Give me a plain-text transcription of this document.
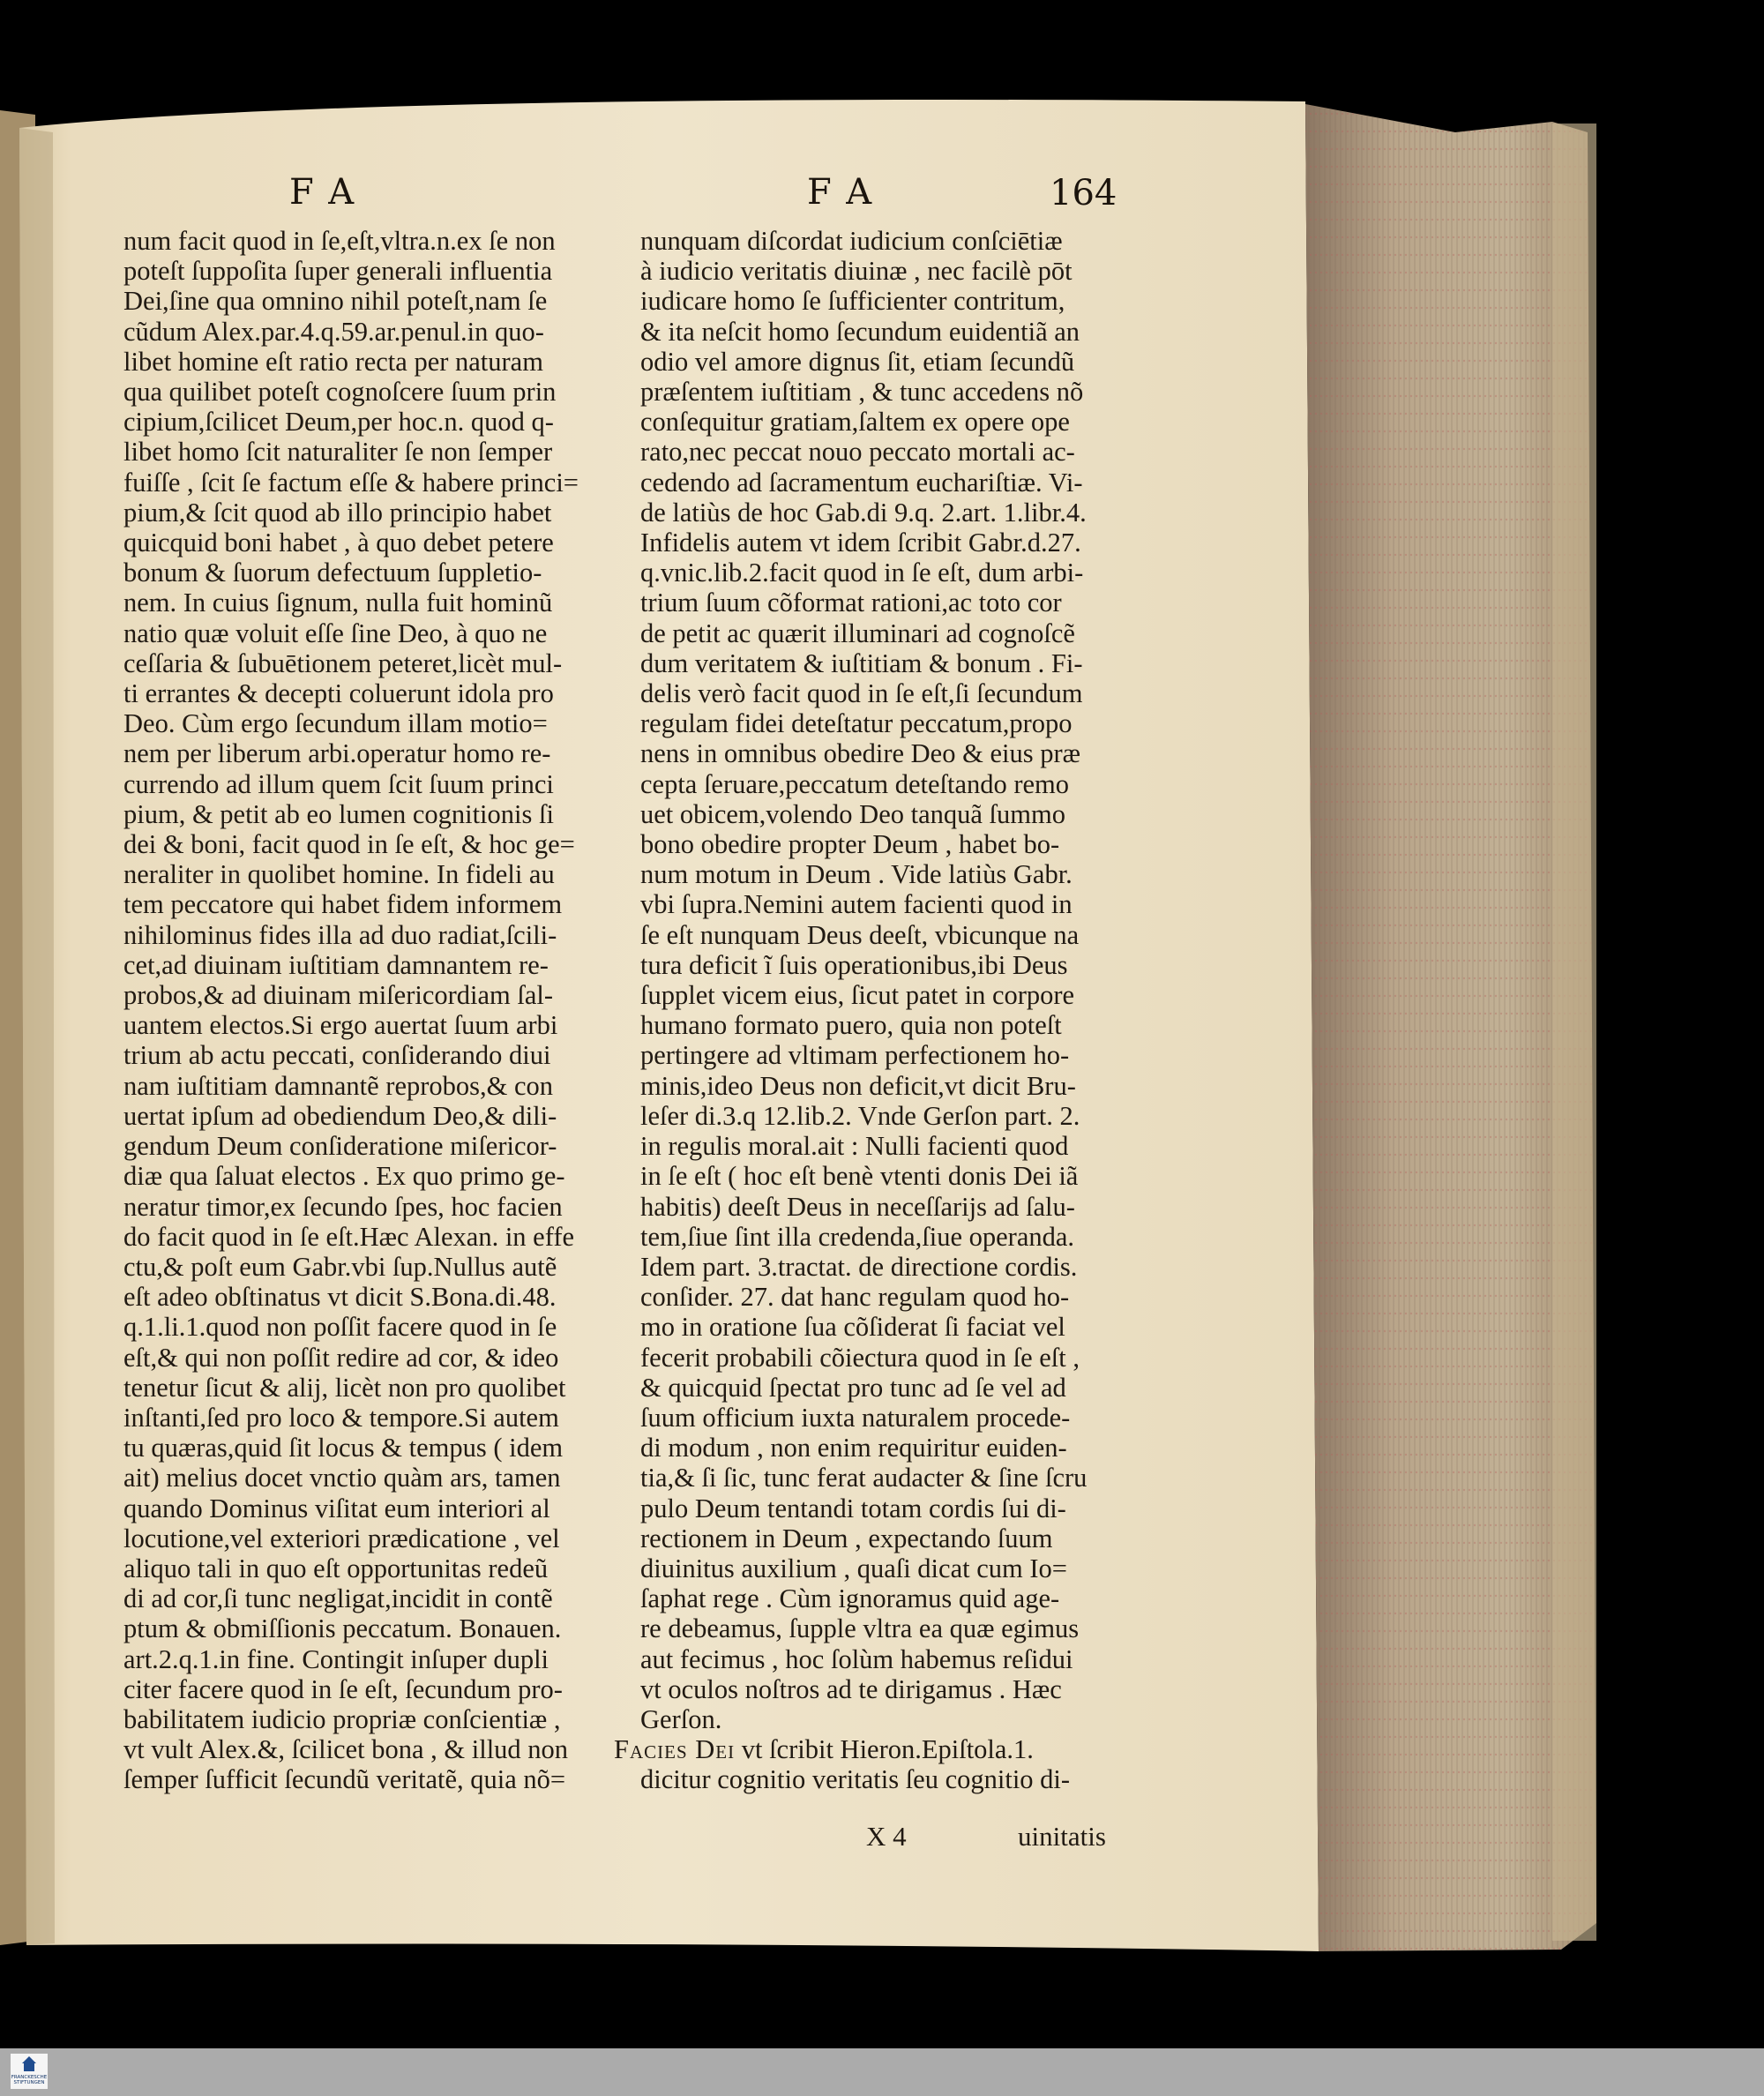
FA	FA	164
num facit quod in ſe,eſt,vltra.n.ex ſe non
poteſt ſuppoſita ſuper generali influentia
Dei,ſine qua omnino nihil poteſt,nam ſe
cũdum Alex.par.4.q.59.ar.penul.in quo-
libet homine eſt ratio recta per naturam
qua quilibet poteſt cognoſcere ſuum prin
cipium,ſcilicet Deum,per hoc.n. quod q-
libet homo ſcit naturaliter ſe non ſemper
fuiſſe , ſcit ſe factum eſſe & habere princi=
pium,& ſcit quod ab illo principio habet
quicquid boni habet , à quo debet petere
bonum & ſuorum defectuum ſuppletio-
nem. In cuius ſignum, nulla fuit hominũ
natio quæ voluit eſſe ſine Deo, à quo ne
ceſſaria & ſubuētionem peteret,licèt mul-
ti errantes & decepti coluerunt idola pro
Deo. Cùm ergo ſecundum illam motio=
nem per liberum arbi.operatur homo re-
currendo ad illum quem ſcit ſuum princi
pium, & petit ab eo lumen cognitionis ſi
dei & boni, facit quod in ſe eſt, & hoc ge=
neraliter in quolibet homine. In fideli au
tem peccatore qui habet fidem informem
nihilominus fides illa ad duo radiat,ſcili-
cet,ad diuinam iuſtitiam damnantem re-
probos,& ad diuinam miſericordiam ſal-
uantem electos.Si ergo auertat ſuum arbi
trium ab actu peccati, conſiderando diui
nam iuſtitiam damnantẽ reprobos,& con
uertat ipſum ad obediendum Deo,& dili-
gendum Deum conſideratione miſericor-
diæ qua ſaluat electos . Ex quo primo ge-
neratur timor,ex ſecundo ſpes, hoc facien
do facit quod in ſe eſt.Hæc Alexan. in effe
ctu,& poſt eum Gabr.vbi ſup.Nullus autẽ
eſt adeo obſtinatus vt dicit S.Bona.di.48.
q.1.li.1.quod non poſſit facere quod in ſe
eſt,& qui non poſſit redire ad cor, & ideo
tenetur ſicut & alij, licèt non pro quolibet
inſtanti,ſed pro loco & tempore.Si autem
tu quæras,quid ſit locus & tempus ( idem
ait) melius docet vnctio quàm ars, tamen
quando Dominus viſitat eum interiori al
locutione,vel exteriori prædicatione , vel
aliquo tali in quo eſt opportunitas redeũ
di ad cor,ſi tunc negligat,incidit in contẽ
ptum & obmiſſionis peccatum. Bonauen.
art.2.q.1.in fine. Contingit inſuper dupli
citer facere quod in ſe eſt, ſecundum pro-
babilitatem iudicio propriæ conſcientiæ ,
vt vult Alex.&, ſcilicet bona , & illud non
ſemper ſufficit ſecundũ veritatẽ, quia nõ=
nunquam diſcordat iudicium conſciētiæ
à iudicio veritatis diuinæ , nec facilè pōt
iudicare homo ſe ſufficienter contritum,
& ita neſcit homo ſecundum euidentiã an
odio vel amore dignus ſit, etiam ſecundũ
præſentem iuſtitiam , & tunc accedens nõ
conſequitur gratiam,ſaltem ex opere ope
rato,nec peccat nouo peccato mortali ac-
cedendo ad ſacramentum euchariſtiæ. Vi-
de latiùs de hoc Gab.di 9.q. 2.art. 1.libr.4.
Infidelis autem vt idem ſcribit Gabr.d.27.
q.vnic.lib.2.facit quod in ſe eſt, dum arbi-
trium ſuum cõformat rationi,ac toto cor
de petit ac quærit illuminari ad cognoſcẽ
dum veritatem & iuſtitiam & bonum . Fi-
delis verò facit quod in ſe eſt,ſi ſecundum
regulam fidei deteſtatur peccatum,propo
nens in omnibus obedire Deo & eius præ
cepta ſeruare,peccatum deteſtando remo
uet obicem,volendo Deo tanquã ſummo
bono obedire propter Deum , habet bo-
num motum in Deum . Vide latiùs Gabr.
vbi ſupra.Nemini autem facienti quod in
ſe eſt nunquam Deus deeſt, vbicunque na
tura deficit ĩ ſuis operationibus,ibi Deus
ſupplet vicem eius, ſicut patet in corpore
humano formato puero, quia non poteſt
pertingere ad vltimam perfectionem ho-
minis,ideo Deus non deficit,vt dicit Bru-
leſer di.3.q 12.lib.2. Vnde Gerſon part. 2.
in regulis moral.ait : Nulli facienti quod
in ſe eſt ( hoc eſt benè vtenti donis Dei iã
habitis) deeſt Deus in neceſſarijs ad ſalu-
tem,ſiue ſint illa credenda,ſiue operanda.
Idem part. 3.tractat. de directione cordis.
conſider. 27. dat hanc regulam quod ho-
mo in oratione ſua cõſiderat ſi faciat vel
fecerit probabili cõiectura quod in ſe eſt ,
& quicquid ſpectat pro tunc ad ſe vel ad
ſuum officium iuxta naturalem procede-
di modum , non enim requiritur euiden-
tia,& ſi ſic, tunc ferat audacter & ſine ſcru
pulo Deum tentandi totam cordis ſui di-
rectionem in Deum , expectando ſuum
diuinitus auxilium , quaſi dicat cum Io=
ſaphat rege . Cùm ignoramus quid age-
re debeamus, ſupple vltra ea quæ egimus
aut fecimus , hoc ſolùm habemus reſidui
vt oculos noſtros ad te dirigamus . Hæc
Gerſon.
Facies Dei vt ſcribit Hieron.Epiſtola.1.
dicitur cognitio veritatis ſeu cognitio di-
X 4	uinitatis
FRANCKESCHE STIFTUNGEN
